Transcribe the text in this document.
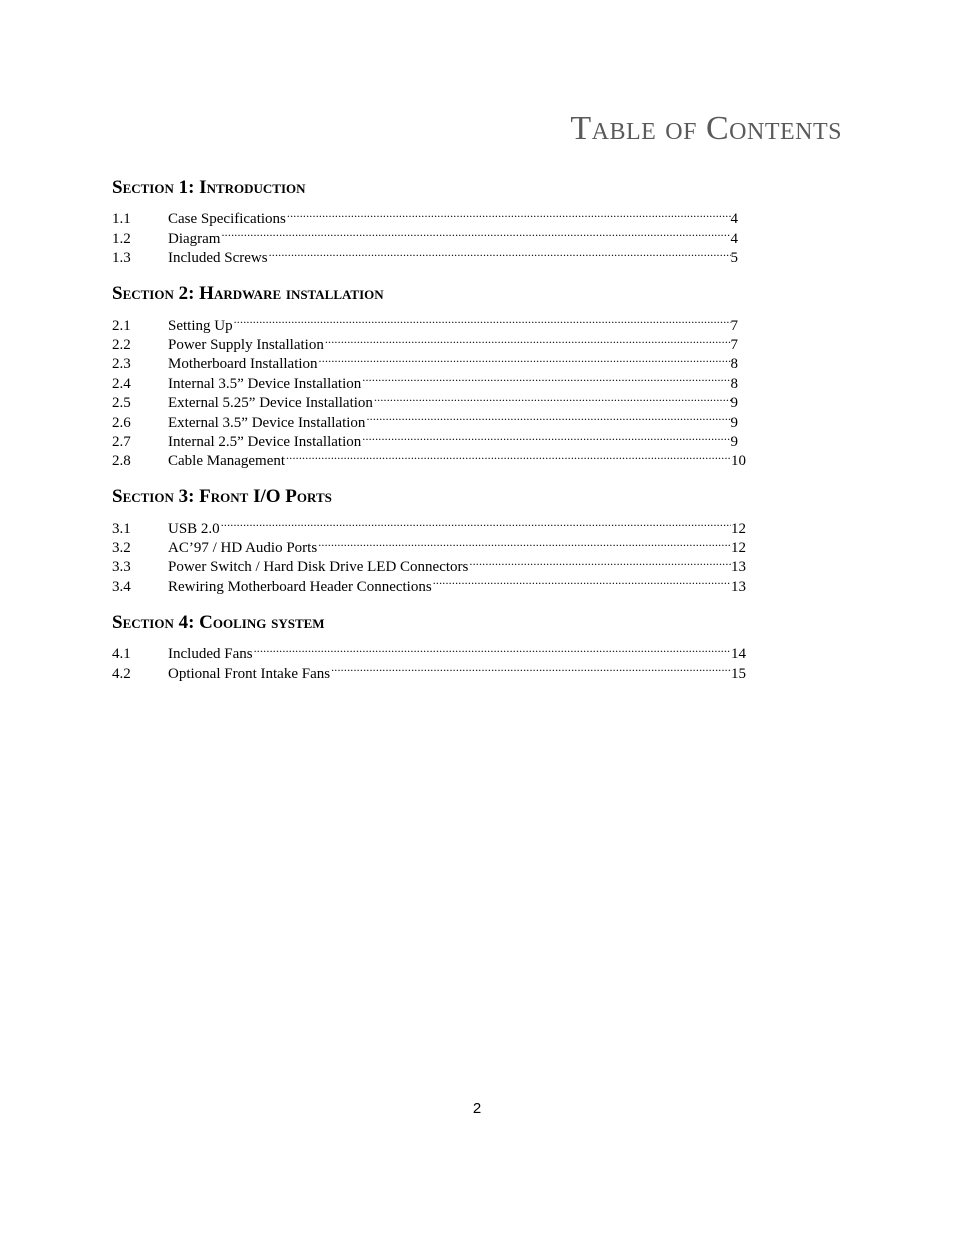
Table of Contents
Section 1: Introduction
1.1	Case Specifications .....	4
1.2	Diagram .....	4
1.3	Included Screws .....	5
Section 2: Hardware installation
2.1	Setting Up .....	7
2.2	Power Supply Installation .....	7
2.3	Motherboard Installation .....	8
2.4	Internal 3.5” Device Installation .....	8
2.5	External 5.25” Device Installation .....	9
2.6	External 3.5” Device Installation .....	9
2.7	Internal 2.5” Device Installation .....	9
2.8	Cable Management .....	10
Section 3: Front I/O Ports
3.1	USB 2.0 .....	12
3.2	AC’97 / HD Audio Ports .....	12
3.3	Power Switch / Hard Disk Drive LED Connectors .....	13
3.4	Rewiring Motherboard Header Connections .....	13
Section 4: Cooling system
4.1	Included Fans .....	14
4.2	Optional Front Intake Fans .....	15
2
